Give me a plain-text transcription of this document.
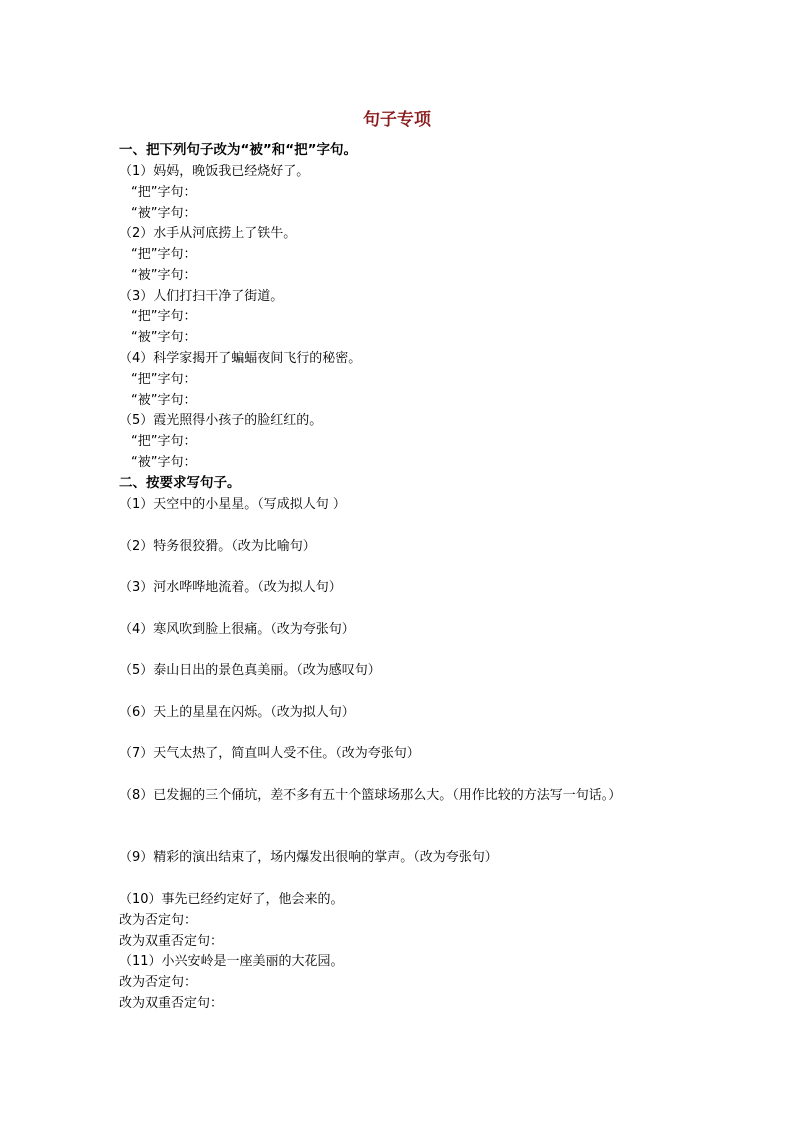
句子专项
一、把下列句子改为“被”和“把”字句。
（1）妈妈，晚饭我已经烧好了。
“把”字句：
“被”字句：
（2）水手从河底捞上了铁牛。
“把”字句：
“被”字句：
（3）人们打扫干净了街道。
“把”字句：
“被”字句：
（4）科学家揭开了蝙蝠夜间飞行的秘密。
“把”字句：
“被”字句：
（5）霞光照得小孩子的脸红红的。
“把”字句：
“被”字句：
二、按要求写句子。
（1）天空中的小星星。（写成拟人句 ）
（2）特务很狡猾。（改为比喻句）
（3）河水哗哗地流着。（改为拟人句）
（4）寒风吹到脸上很痛。（改为夸张句）
（5）泰山日出的景色真美丽。（改为感叹句）
（6）天上的星星在闪烁。（改为拟人句）
（7）天气太热了，简直叫人受不住。（改为夸张句）
（8）已发掘的三个俑坑，差不多有五十个篮球场那么大。（用作比较的方法写一句话。）
（9）精彩的演出结束了，场内爆发出很响的掌声。（改为夸张句）
（10）事先已经约定好了，他会来的。
改为否定句：
改为双重否定句：
（11）小兴安岭是一座美丽的大花园。
改为否定句：
改为双重否定句：
